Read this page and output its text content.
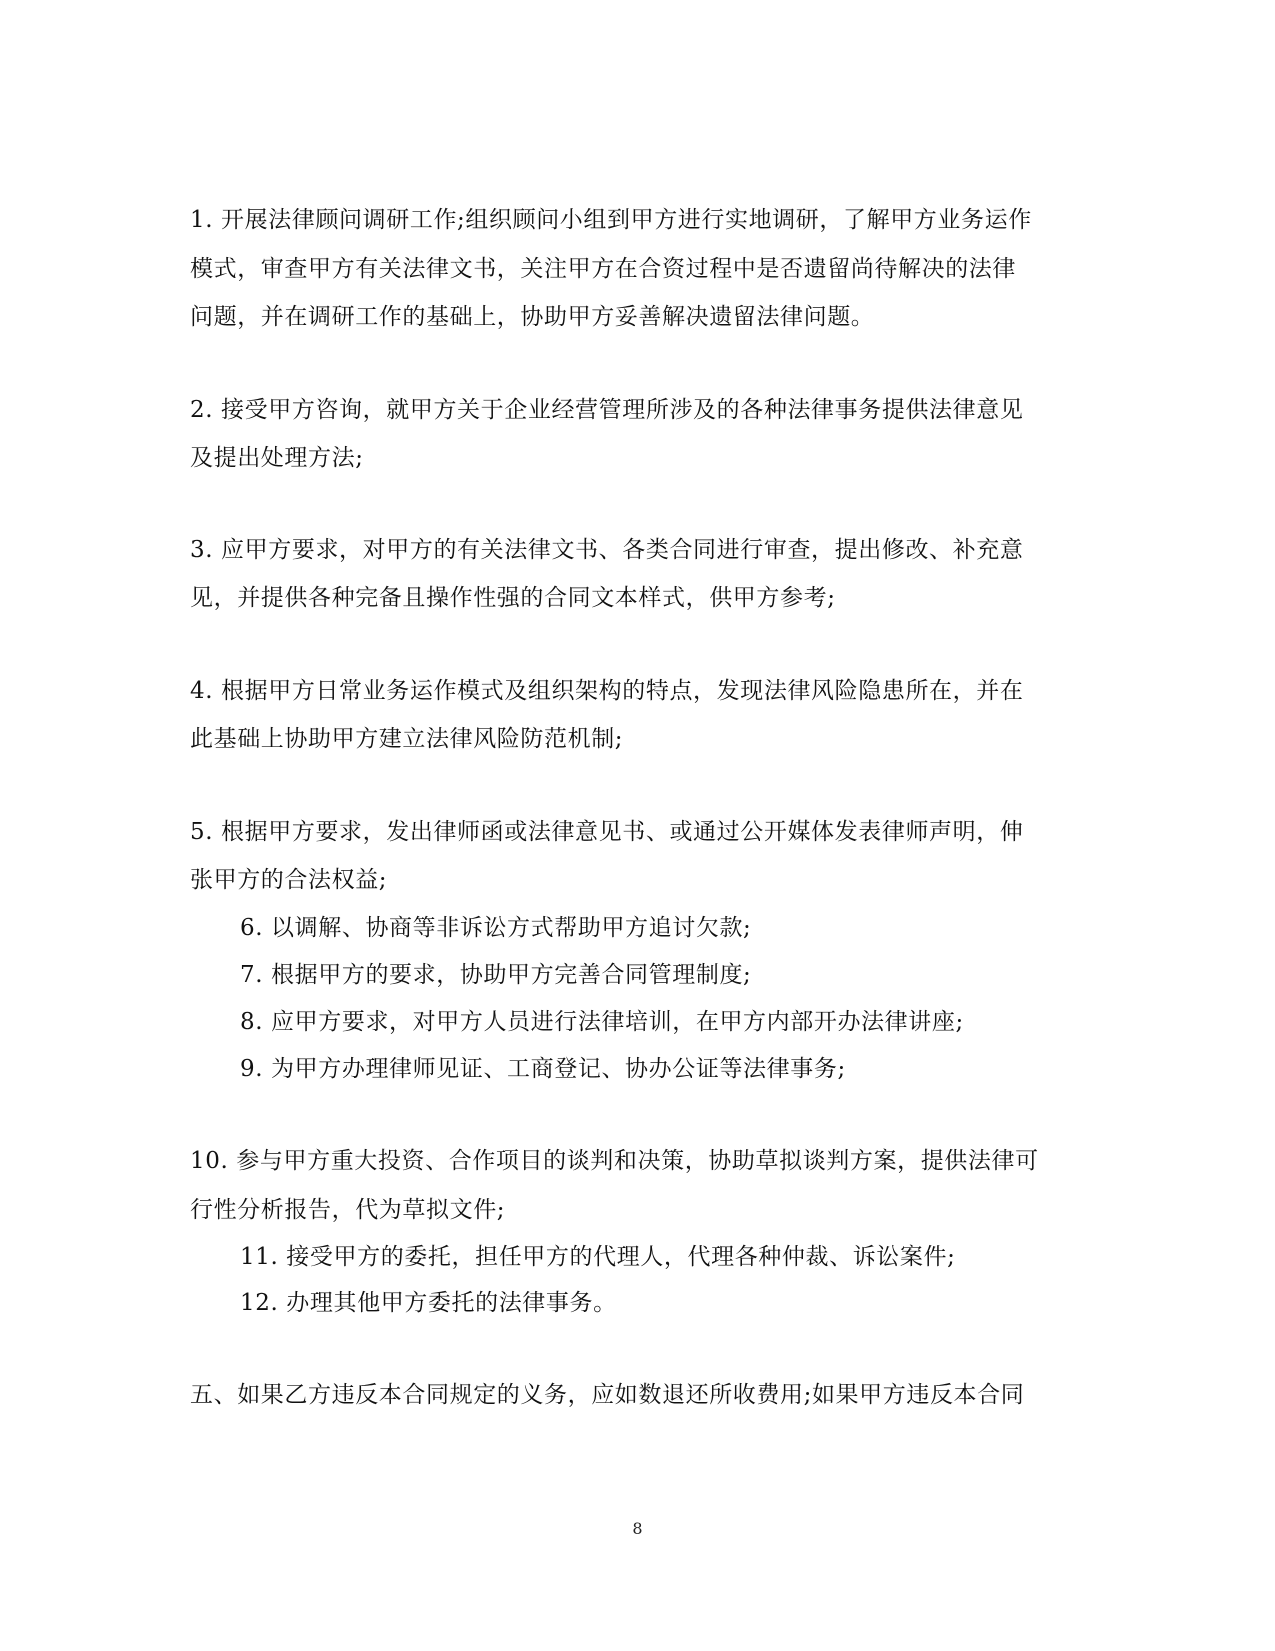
1. 开展法律顾问调研工作;组织顾问小组到甲方进行实地调研，了解甲方业务运作
模式，审查甲方有关法律文书，关注甲方在合资过程中是否遗留尚待解决的法律
问题，并在调研工作的基础上，协助甲方妥善解决遗留法律问题。
2. 接受甲方咨询，就甲方关于企业经营管理所涉及的各种法律事务提供法律意见
及提出处理方法;
3. 应甲方要求，对甲方的有关法律文书、各类合同进行审查，提出修改、补充意
见，并提供各种完备且操作性强的合同文本样式，供甲方参考;
4. 根据甲方日常业务运作模式及组织架构的特点，发现法律风险隐患所在，并在
此基础上协助甲方建立法律风险防范机制;
5. 根据甲方要求，发出律师函或法律意见书、或通过公开媒体发表律师声明，伸
张甲方的合法权益;
6. 以调解、协商等非诉讼方式帮助甲方追讨欠款;
7. 根据甲方的要求，协助甲方完善合同管理制度;
8. 应甲方要求，对甲方人员进行法律培训，在甲方内部开办法律讲座;
9. 为甲方办理律师见证、工商登记、协办公证等法律事务;
10. 参与甲方重大投资、合作项目的谈判和决策，协助草拟谈判方案，提供法律可
行性分析报告，代为草拟文件;
11. 接受甲方的委托，担任甲方的代理人，代理各种仲裁、诉讼案件;
12. 办理其他甲方委托的法律事务。
五、如果乙方违反本合同规定的义务，应如数退还所收费用;如果甲方违反本合同
8
